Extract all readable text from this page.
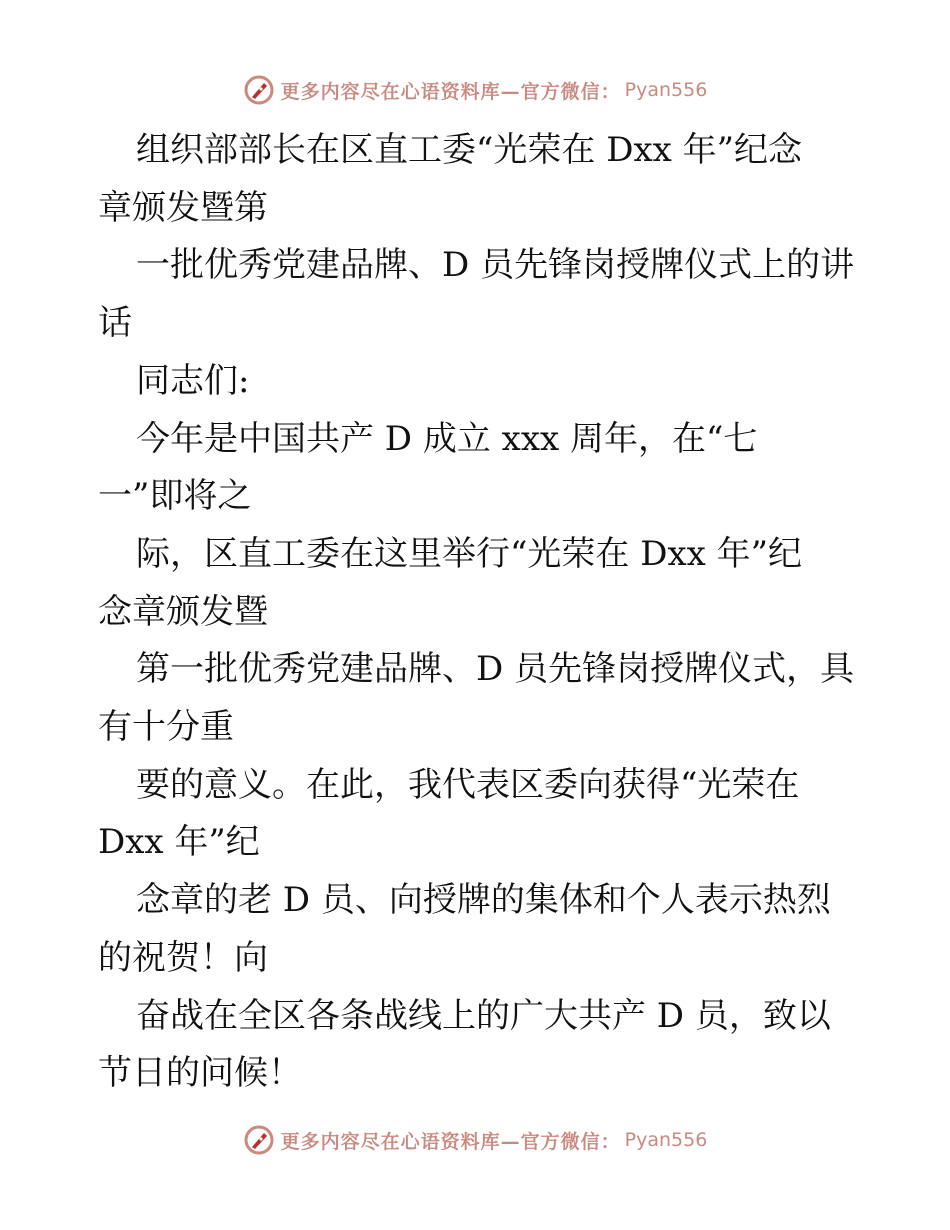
更多内容尽在心语资料库—官方微信： Pyan556
组织部部长在区直工委“光荣在 Dxx 年”纪念
章颁发暨第
一批优秀党建品牌、D 员先锋岗授牌仪式上的讲
话
同志们:
今年是中国共产 D 成立 xxx 周年，在“七
一”即将之
际，区直工委在这里举行“光荣在 Dxx 年”纪
念章颁发暨
第一批优秀党建品牌、D 员先锋岗授牌仪式，具
有十分重
要的意义。在此，我代表区委向获得“光荣在
Dxx 年”纪
念章的老 D 员、向授牌的集体和个人表示热烈
的祝贺！向
奋战在全区各条战线上的广大共产 D 员，致以
节日的问候！
更多内容尽在心语资料库—官方微信： Pyan556
